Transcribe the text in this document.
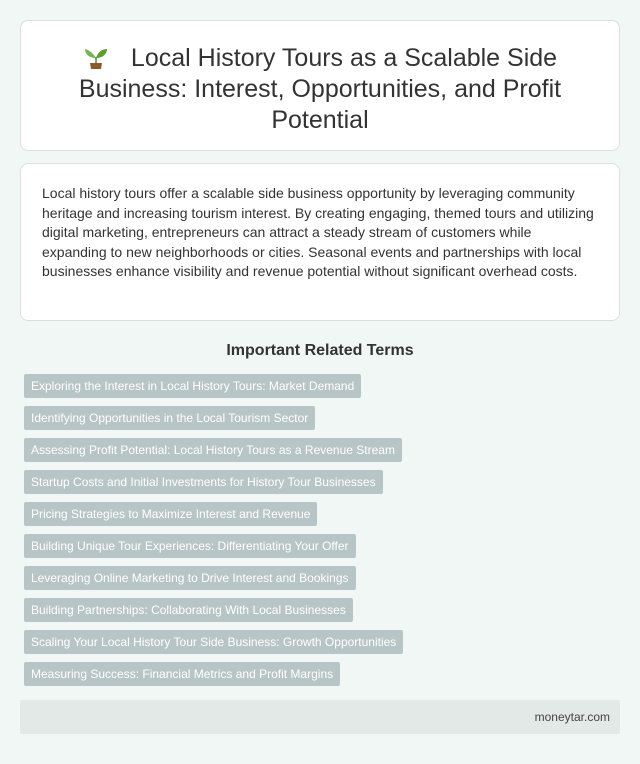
Local History Tours as a Scalable Side Business: Interest, Opportunities, and Profit Potential

Local history tours offer a scalable side business opportunity by leveraging community heritage and increasing tourism interest. By creating engaging, themed tours and utilizing digital marketing, entrepreneurs can attract a steady stream of customers while expanding to new neighborhoods or cities. Seasonal events and partnerships with local businesses enhance visibility and revenue potential without significant overhead costs.

Important Related Terms
Exploring the Interest in Local History Tours: Market Demand
Identifying Opportunities in the Local Tourism Sector
Assessing Profit Potential: Local History Tours as a Revenue Stream
Startup Costs and Initial Investments for History Tour Businesses
Pricing Strategies to Maximize Interest and Revenue
Building Unique Tour Experiences: Differentiating Your Offer
Leveraging Online Marketing to Drive Interest and Bookings
Building Partnerships: Collaborating With Local Businesses
Scaling Your Local History Tour Side Business: Growth Opportunities
Measuring Success: Financial Metrics and Profit Margins
moneytar.com
